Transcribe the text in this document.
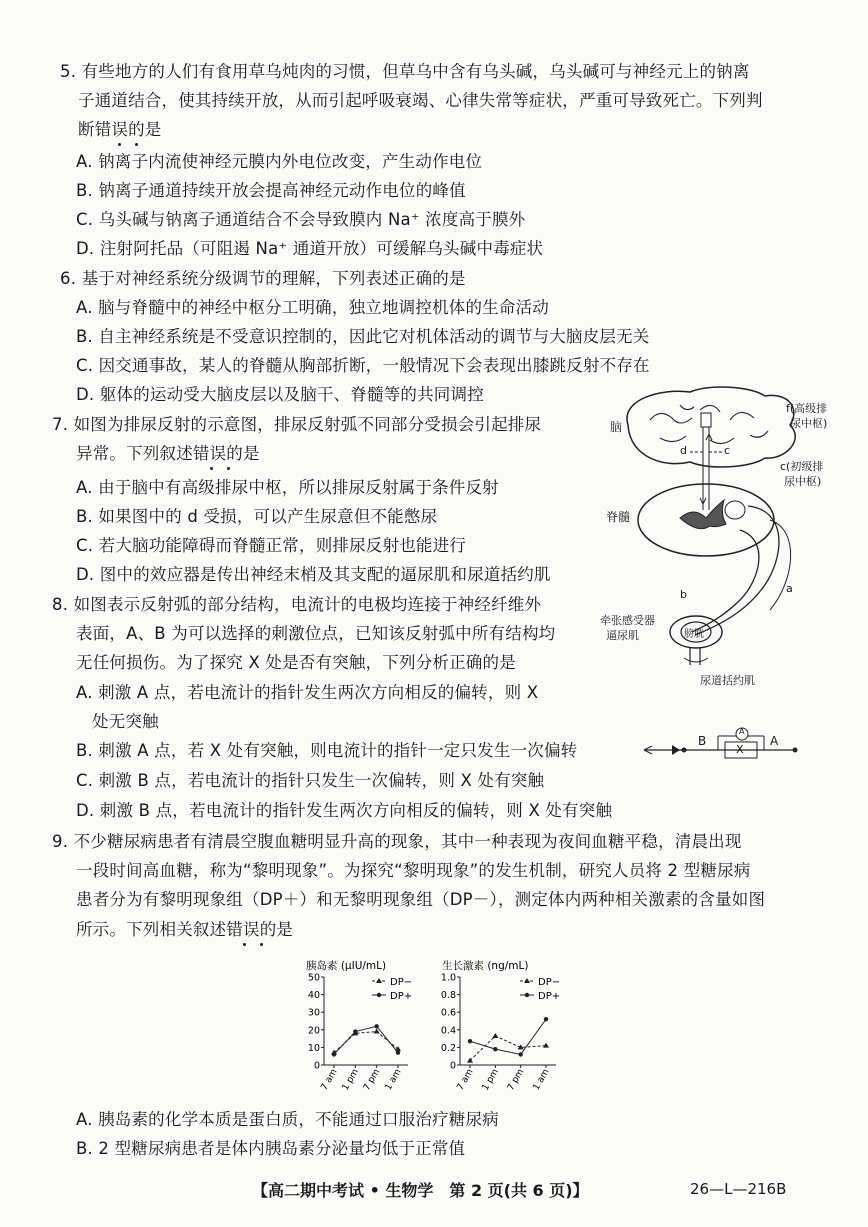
5. 有些地方的人们有食用草乌炖肉的习惯，但草乌中含有乌头碱，乌头碱可与神经元上的钠离
子通道结合，使其持续开放，从而引起呼吸衰竭、心律失常等症状，严重可导致死亡。下列判
断错误的是
A. 钠离子内流使神经元膜内外电位改变，产生动作电位
B. 钠离子通道持续开放会提高神经元动作电位的峰值
C. 乌头碱与钠离子通道结合不会导致膜内 Na⁺ 浓度高于膜外
D. 注射阿托品（可阻遏 Na⁺ 通道开放）可缓解乌头碱中毒症状
6. 基于对神经系统分级调节的理解，下列表述正确的是
A. 脑与脊髓中的神经中枢分工明确，独立地调控机体的生命活动
B. 自主神经系统是不受意识控制的，因此它对机体活动的调节与大脑皮层无关
C. 因交通事故，某人的脊髓从胸部折断，一般情况下会表现出膝跳反射不存在
D. 躯体的运动受大脑皮层以及脑干、脊髓等的共同调控
7. 如图为排尿反射的示意图，排尿反射弧不同部分受损会引起排尿
异常。下列叙述错误的是
A. 由于脑中有高级排尿中枢，所以排尿反射属于条件反射
B. 如果图中的 d 受损，可以产生尿意但不能憋尿
C. 若大脑功能障碍而脊髓正常，则排尿反射也能进行
D. 图中的效应器是传出神经末梢及其支配的逼尿肌和尿道括约肌
8. 如图表示反射弧的部分结构，电流计的电极均连接于神经纤维外
表面，A、B 为可以选择的刺激位点，已知该反射弧中所有结构均
无任何损伤。为了探究 X 处是否有突触，下列分析正确的是
A. 刺激 A 点，若电流计的指针发生两次方向相反的偏转，则 X
处无突触
B. 刺激 A 点，若 X 处有突触，则电流计的指针一定只发生一次偏转
C. 刺激 B 点，若电流计的指针只发生一次偏转，则 X 处有突触
D. 刺激 B 点，若电流计的指针发生两次方向相反的偏转，则 X 处有突触
9. 不少糖尿病患者有清晨空腹血糖明显升高的现象，其中一种表现为夜间血糖平稳，清晨出现
一段时间高血糖，称为“黎明现象”。为探究“黎明现象”的发生机制，研究人员将 2 型糖尿病
患者分为有黎明现象组（DP＋）和无黎明现象组（DP－），测定体内两种相关激素的含量如图
所示。下列相关叙述错误的是
A. 胰岛素的化学本质是蛋白质，不能通过口服治疗糖尿病
B. 2 型糖尿病患者是体内胰岛素分泌量均低于正常值
脑
f(高级排
尿中枢)
d	c
c(初级排
尿中枢)
脊髓
b	a
牵张感受器
逼尿肌	膀胱
尿道括约肌
B	A
X
A
胰岛素 (μIU/mL)
0
10
20
30
40
50
7 am 1 pm 7 pm 1 am
DP−
DP+
生长激素 (ng/mL)
0
0.2
0.4
0.6
0.8
1.0
7 am 1 pm 7 pm 1 am
DP−
DP+
【高二期中考试 • 生物学　第 2 页(共 6 页)】	26—L—216B
